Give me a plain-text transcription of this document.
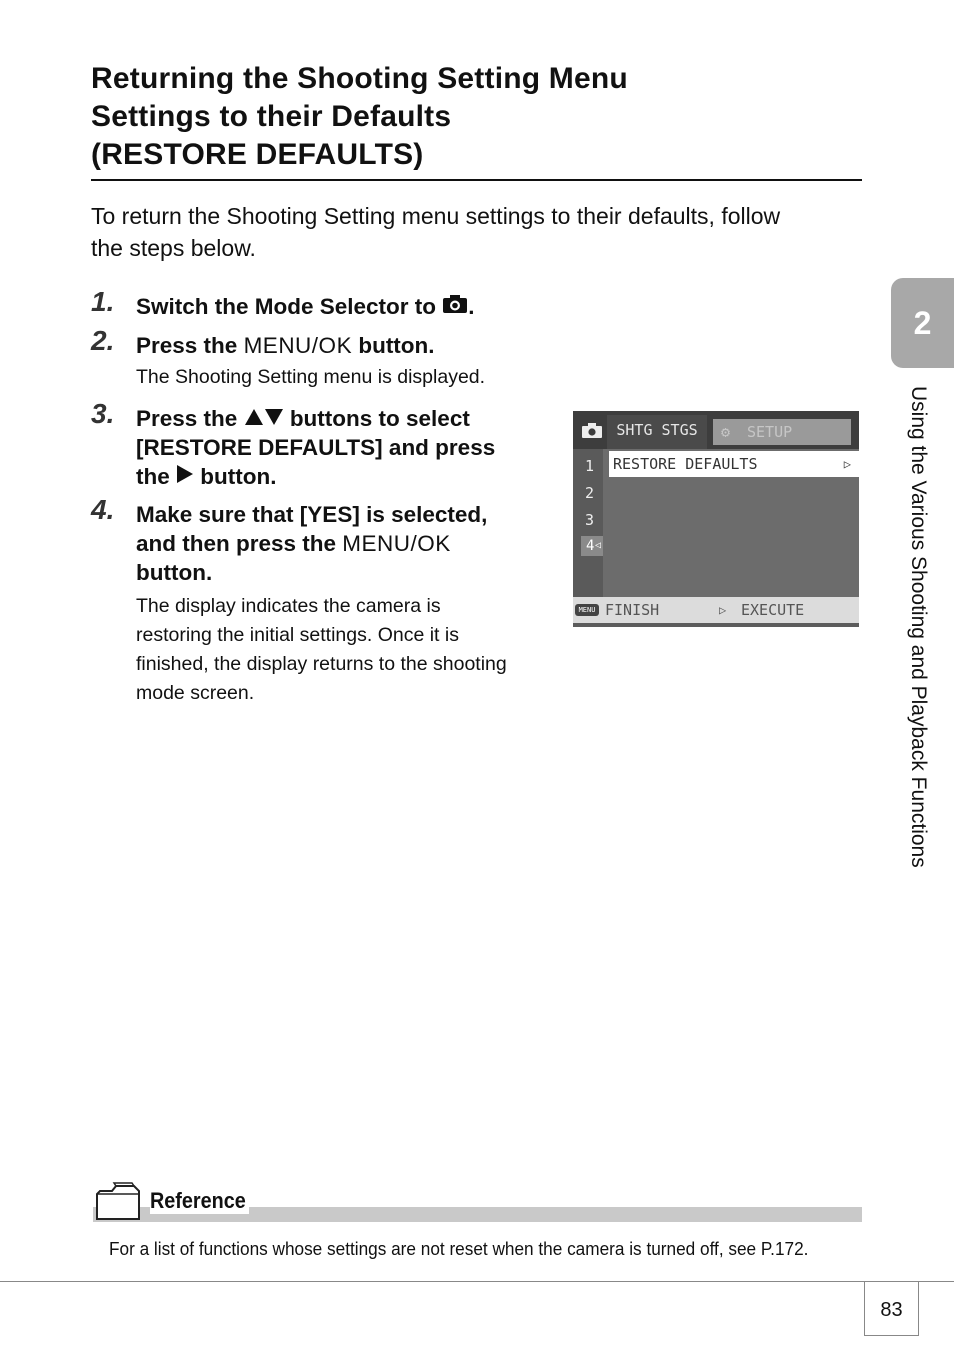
Returning the Shooting Setting Menu
Settings to their Defaults
(RESTORE DEFAULTS)

To return the Shooting Setting menu settings to their defaults, follow
the steps below.

1. Switch the Mode Selector to .
2. Press the MENU/OK button.
The Shooting Setting menu is displayed.
3. Press the  buttons to select
[RESTORE DEFAULTS] and press
the  button.
4. Make sure that [YES] is selected,
and then press the MENU/OK
button.
The display indicates the camera is
restoring the initial settings. Once it is
finished, the display returns to the shooting
mode screen.
SHTG STGS	⚙ SETUP
1
2
3
4 ◁
RESTORE DEFAULTS	▷
MENU FINISH	▷ EXECUTE
2
Using the Various Shooting and Playback Functions
Reference
For a list of functions whose settings are not reset when the camera is turned off, see P.172.
83
